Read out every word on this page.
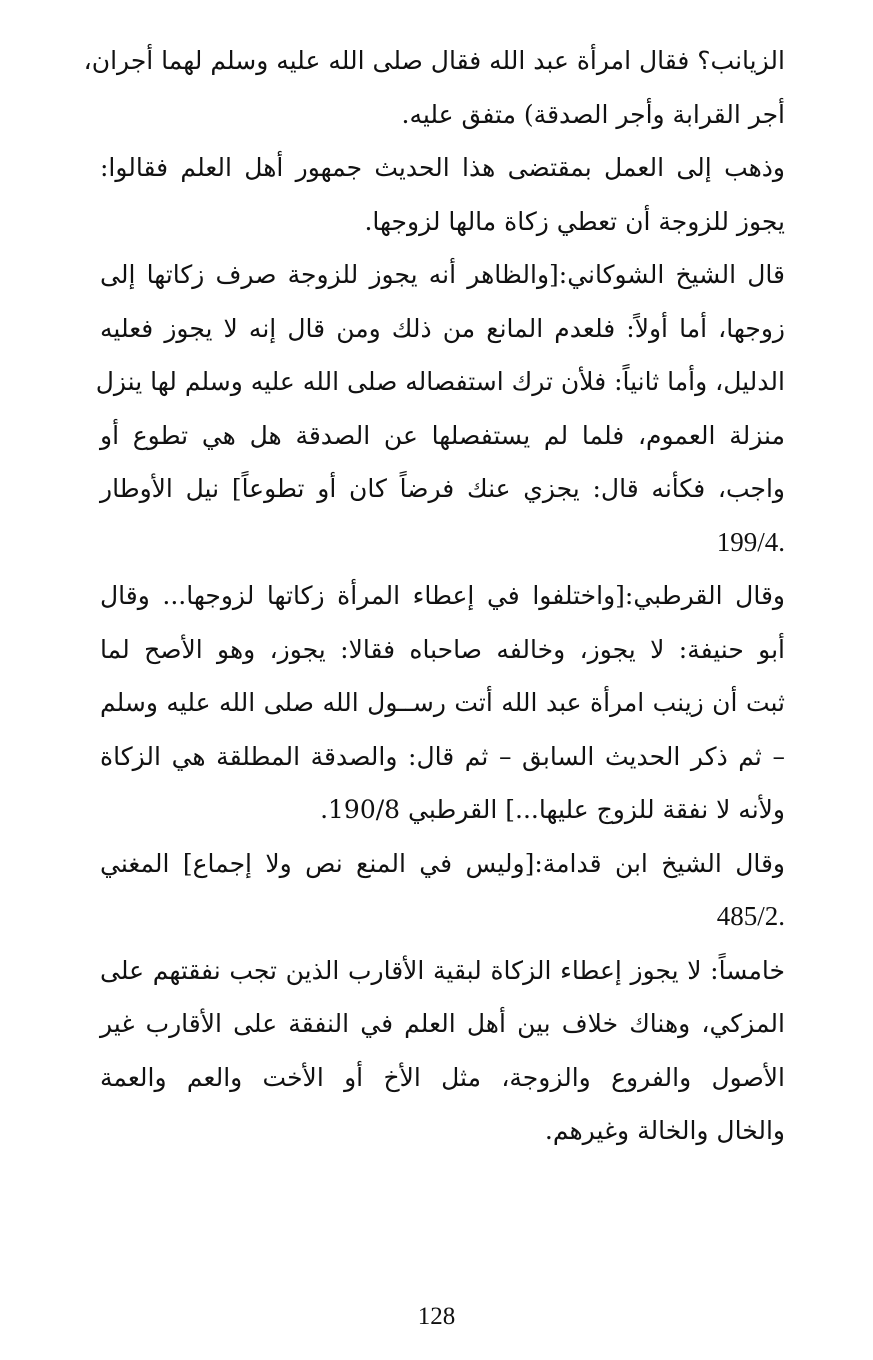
الزيانب؟ فقال امرأة عبد الله فقال صلى الله عليه وسلم لهما أجران،
أجر القرابة وأجر الصدقة) متفق عليه.
وذهب إلى العمل بمقتضى هذا الحديث جمهور أهل العلم فقالوا:
يجوز للزوجة أن تعطي زكاة مالها لزوجها.
قال الشيخ الشوكاني:[والظاهر أنه يجوز للزوجة صرف زكاتها إلى
زوجها، أما أولاً: فلعدم المانع من ذلك ومن قال إنه لا يجوز فعليه
الدليل، وأما ثانياً: فلأن ترك استفصاله صلى الله عليه وسلم لها ينزل
منزلة العموم، فلما لم يستفصلها عن الصدقة هل هي تطوع أو
واجب، فكأنه قال: يجزي عنك فرضاً كان أو تطوعاً] نيل الأوطار
.199/4
وقال القرطبي:[واختلفوا في إعطاء المرأة زكاتها لزوجها... وقال
أبو حنيفة: لا يجوز، وخالفه صاحباه فقالا: يجوز، وهو الأصح لما
ثبت أن زينب امرأة عبد الله أتت رســول الله صلى الله عليه وسلم
– ثم ذكر الحديث السابق – ثم قال: والصدقة المطلقة هي الزكاة
ولأنه لا نفقة للزوج عليها...] القرطبي 190/8.
وقال الشيخ ابن قدامة:[وليس في المنع نص ولا إجماع] المغني
.485/2
خامساً: لا يجوز إعطاء الزكاة لبقية الأقارب الذين تجب نفقتهم على
المزكي، وهناك خلاف بين أهل العلم في النفقة على الأقارب غير
الأصول والفروع والزوجة، مثل الأخ أو الأخت والعم والعمة
والخال والخالة وغيرهم.
128
